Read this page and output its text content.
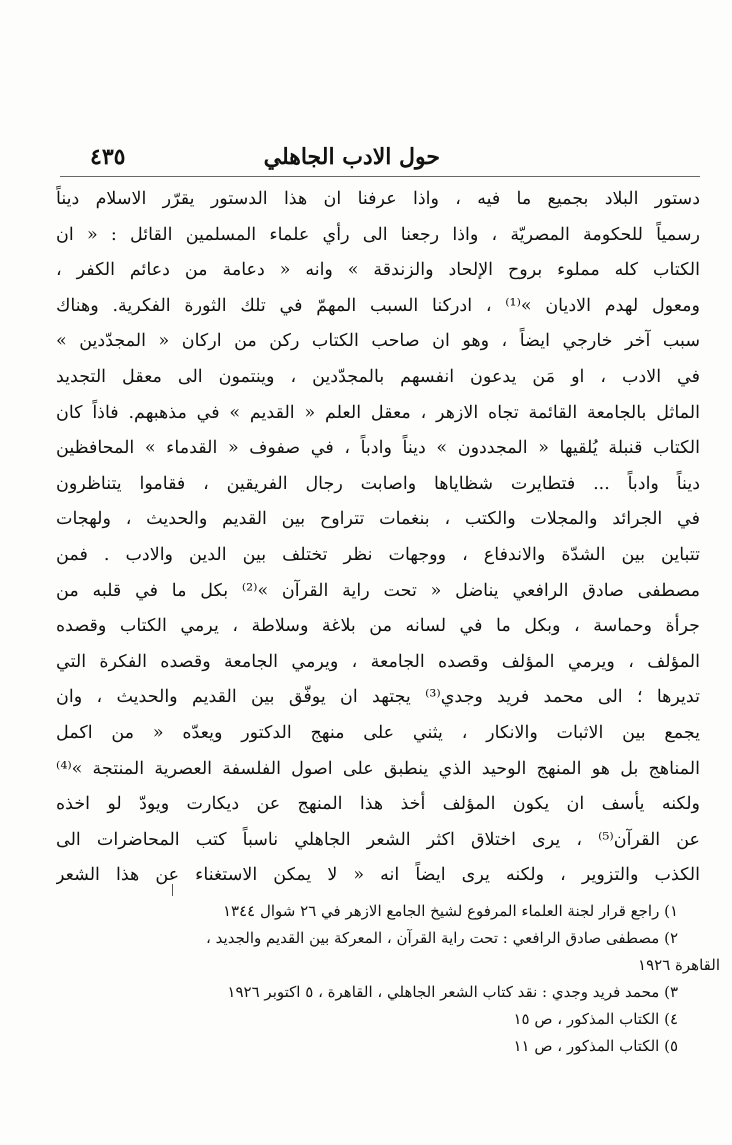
حول الادب الجاهلي
٤٣٥
دستور البلاد بجميع ما فيه ، واذا عرفنا ان هذا الدستور يقرّر الاسلام ديناً
رسمياً للحكومة المصريّة ، واذا رجعنا الى رأي علماء المسلمين القائل : « ان
الكتاب كله مملوء بروح الإلحاد والزندقة » وانه « دعامة من دعائم الكفر ،
ومعول لهدم الاديان »⁽¹⁾ ، ادركنا السبب المهمّ في تلك الثورة الفكرية. وهناك
سبب آخر خارجي ايضاً ، وهو ان صاحب الكتاب ركن من اركان « المجدّدين »
في الادب ، او مَن يدعون انفسهم بالمجدّدين ، وينتمون الى معقل التجديد
الماثل بالجامعة القائمة تجاه الازهر ، معقل العلم « القديم » في مذهبهم. فاذاً كان
الكتاب قنبلة يُلقيها « المجددون » ديناً وادباً ، في صفوف « القدماء » المحافظين
ديناً وادباً ... فتطايرت شظاياها واصابت رجال الفريقين ، فقاموا يتناظرون
في الجرائد والمجلات والكتب ، بنغمات تتراوح بين القديم والحديث ، ولهجات
تتباين بين الشدّة والاندفاع ، ووجهات نظر تختلف بين الدين والادب . فمن
مصطفى صادق الرافعي يناضل « تحت راية القرآن »⁽²⁾ بكل ما في قلبه من
جرأة وحماسة ، وبكل ما في لسانه من بلاغة وسلاطة ، يرمي الكتاب وقصده
المؤلف ، ويرمي المؤلف وقصده الجامعة ، ويرمي الجامعة وقصده الفكرة التي
تديرها ؛ الى محمد فريد وجدي⁽³⁾ يجتهد ان يوفّق بين القديم والحديث ، وان
يجمع بين الاثبات والانكار ، يثني على منهج الدكتور ويعدّه « من اكمل
المناهج بل هو المنهج الوحيد الذي ينطبق على اصول الفلسفة العصرية المنتجة »⁽⁴⁾
ولكنه يأسف ان يكون المؤلف أخذ هذا المنهج عن ديكارت ويودّ لو اخذه
عن القرآن⁽⁵⁾ ، يرى اختلاق اكثر الشعر الجاهلي ناسباً كتب المحاضرات الى
الكذب والتزوير ، ولكنه يرى ايضاً انه « لا يمكن الاستغناء عن هذا الشعر
١) راجع قرار لجنة العلماء المرفوع لشيخ الجامع الازهر في ٢٦ شوال ١٣٤٤
٢) مصطفى صادق الرافعي : تحت راية القرآن ، المعركة بين القديم والجديد ،
القاهرة ١٩٢٦
٣) محمد فريد وجدي : نقد كتاب الشعر الجاهلي ، القاهرة ، ٥ اكتوبر ١٩٢٦
٤) الكتاب المذكور ، ص ١٥
٥) الكتاب المذكور ، ص ١١
